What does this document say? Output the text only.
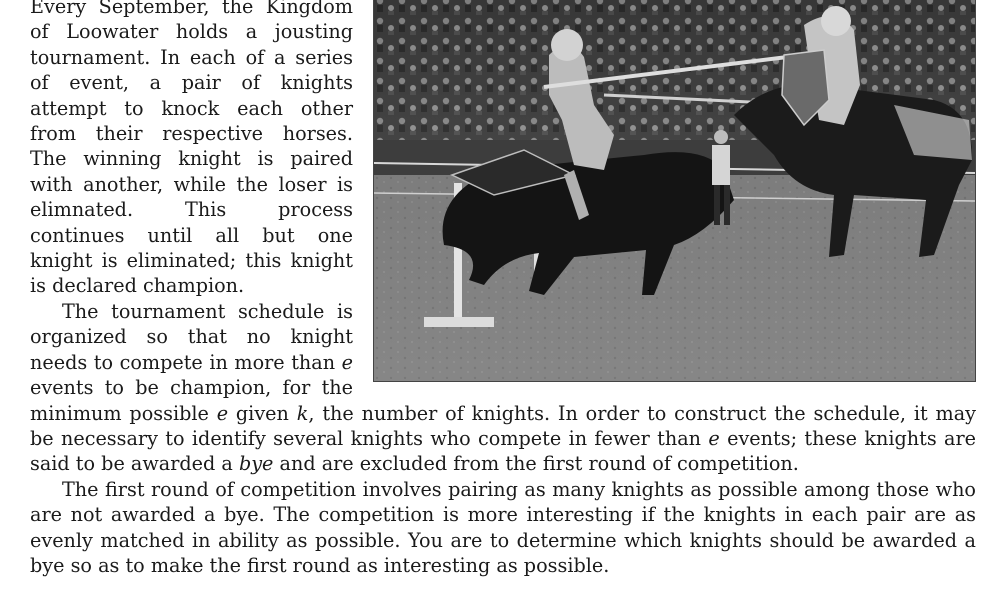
Every September, the Kingdom of Loowater holds a jousting tournament. In each of a series of event, a pair of knights attempt to knock each other from their respective horses. The winning knight is paired with another, while the loser is elimnated. This process continues until all but one knight is eliminated; this knight is declared champion.

The tournament schedule is organized so that no knight needs to compete in more than e events to be champion, for the minimum possible e given k, the number of knights. In order to construct the schedule, it may be necessary to identify several knights who compete in fewer than e events; these knights are said to be awarded a bye and are excluded from the first round of competition.

The first round of competition involves pairing as many knights as possible among those who are not awarded a bye. The competition is more interesting if the knights in each pair are as evenly matched in ability as possible. You are to determine which knights should be awarded a bye so as to make the first round as interesting as possible.
